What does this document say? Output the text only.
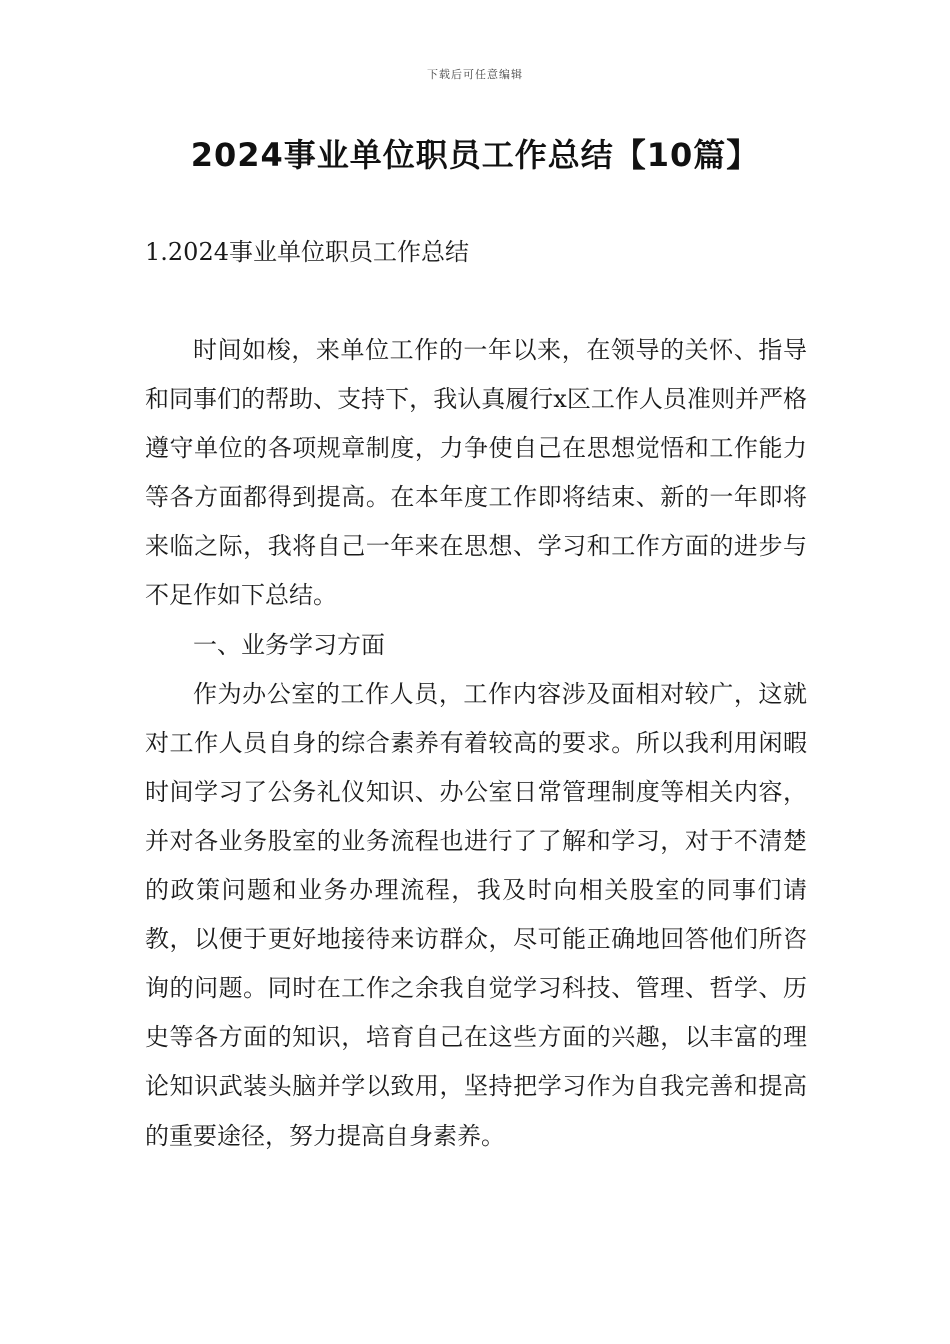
下载后可任意编辑
2024事业单位职员工作总结【10篇】
1.2024事业单位职员工作总结

时间如梭，来单位工作的一年以来，在领导的关怀、指导和同事们的帮助、支持下，我认真履行x区工作人员准则并严格遵守单位的各项规章制度，力争使自己在思想觉悟和工作能力等各方面都得到提高。在本年度工作即将结束、新的一年即将来临之际，我将自己一年来在思想、学习和工作方面的进步与不足作如下总结。

一、业务学习方面

作为办公室的工作人员，工作内容涉及面相对较广，这就对工作人员自身的综合素养有着较高的要求。所以我利用闲暇时间学习了公务礼仪知识、办公室日常管理制度等相关内容，并对各业务股室的业务流程也进行了了解和学习，对于不清楚的政策问题和业务办理流程，我及时向相关股室的同事们请教，以便于更好地接待来访群众，尽可能正确地回答他们所咨询的问题。同时在工作之余我自觉学习科技、管理、哲学、历史等各方面的知识，培育自己在这些方面的兴趣，以丰富的理论知识武装头脑并学以致用，坚持把学习作为自我完善和提高的重要途径，努力提高自身素养。
